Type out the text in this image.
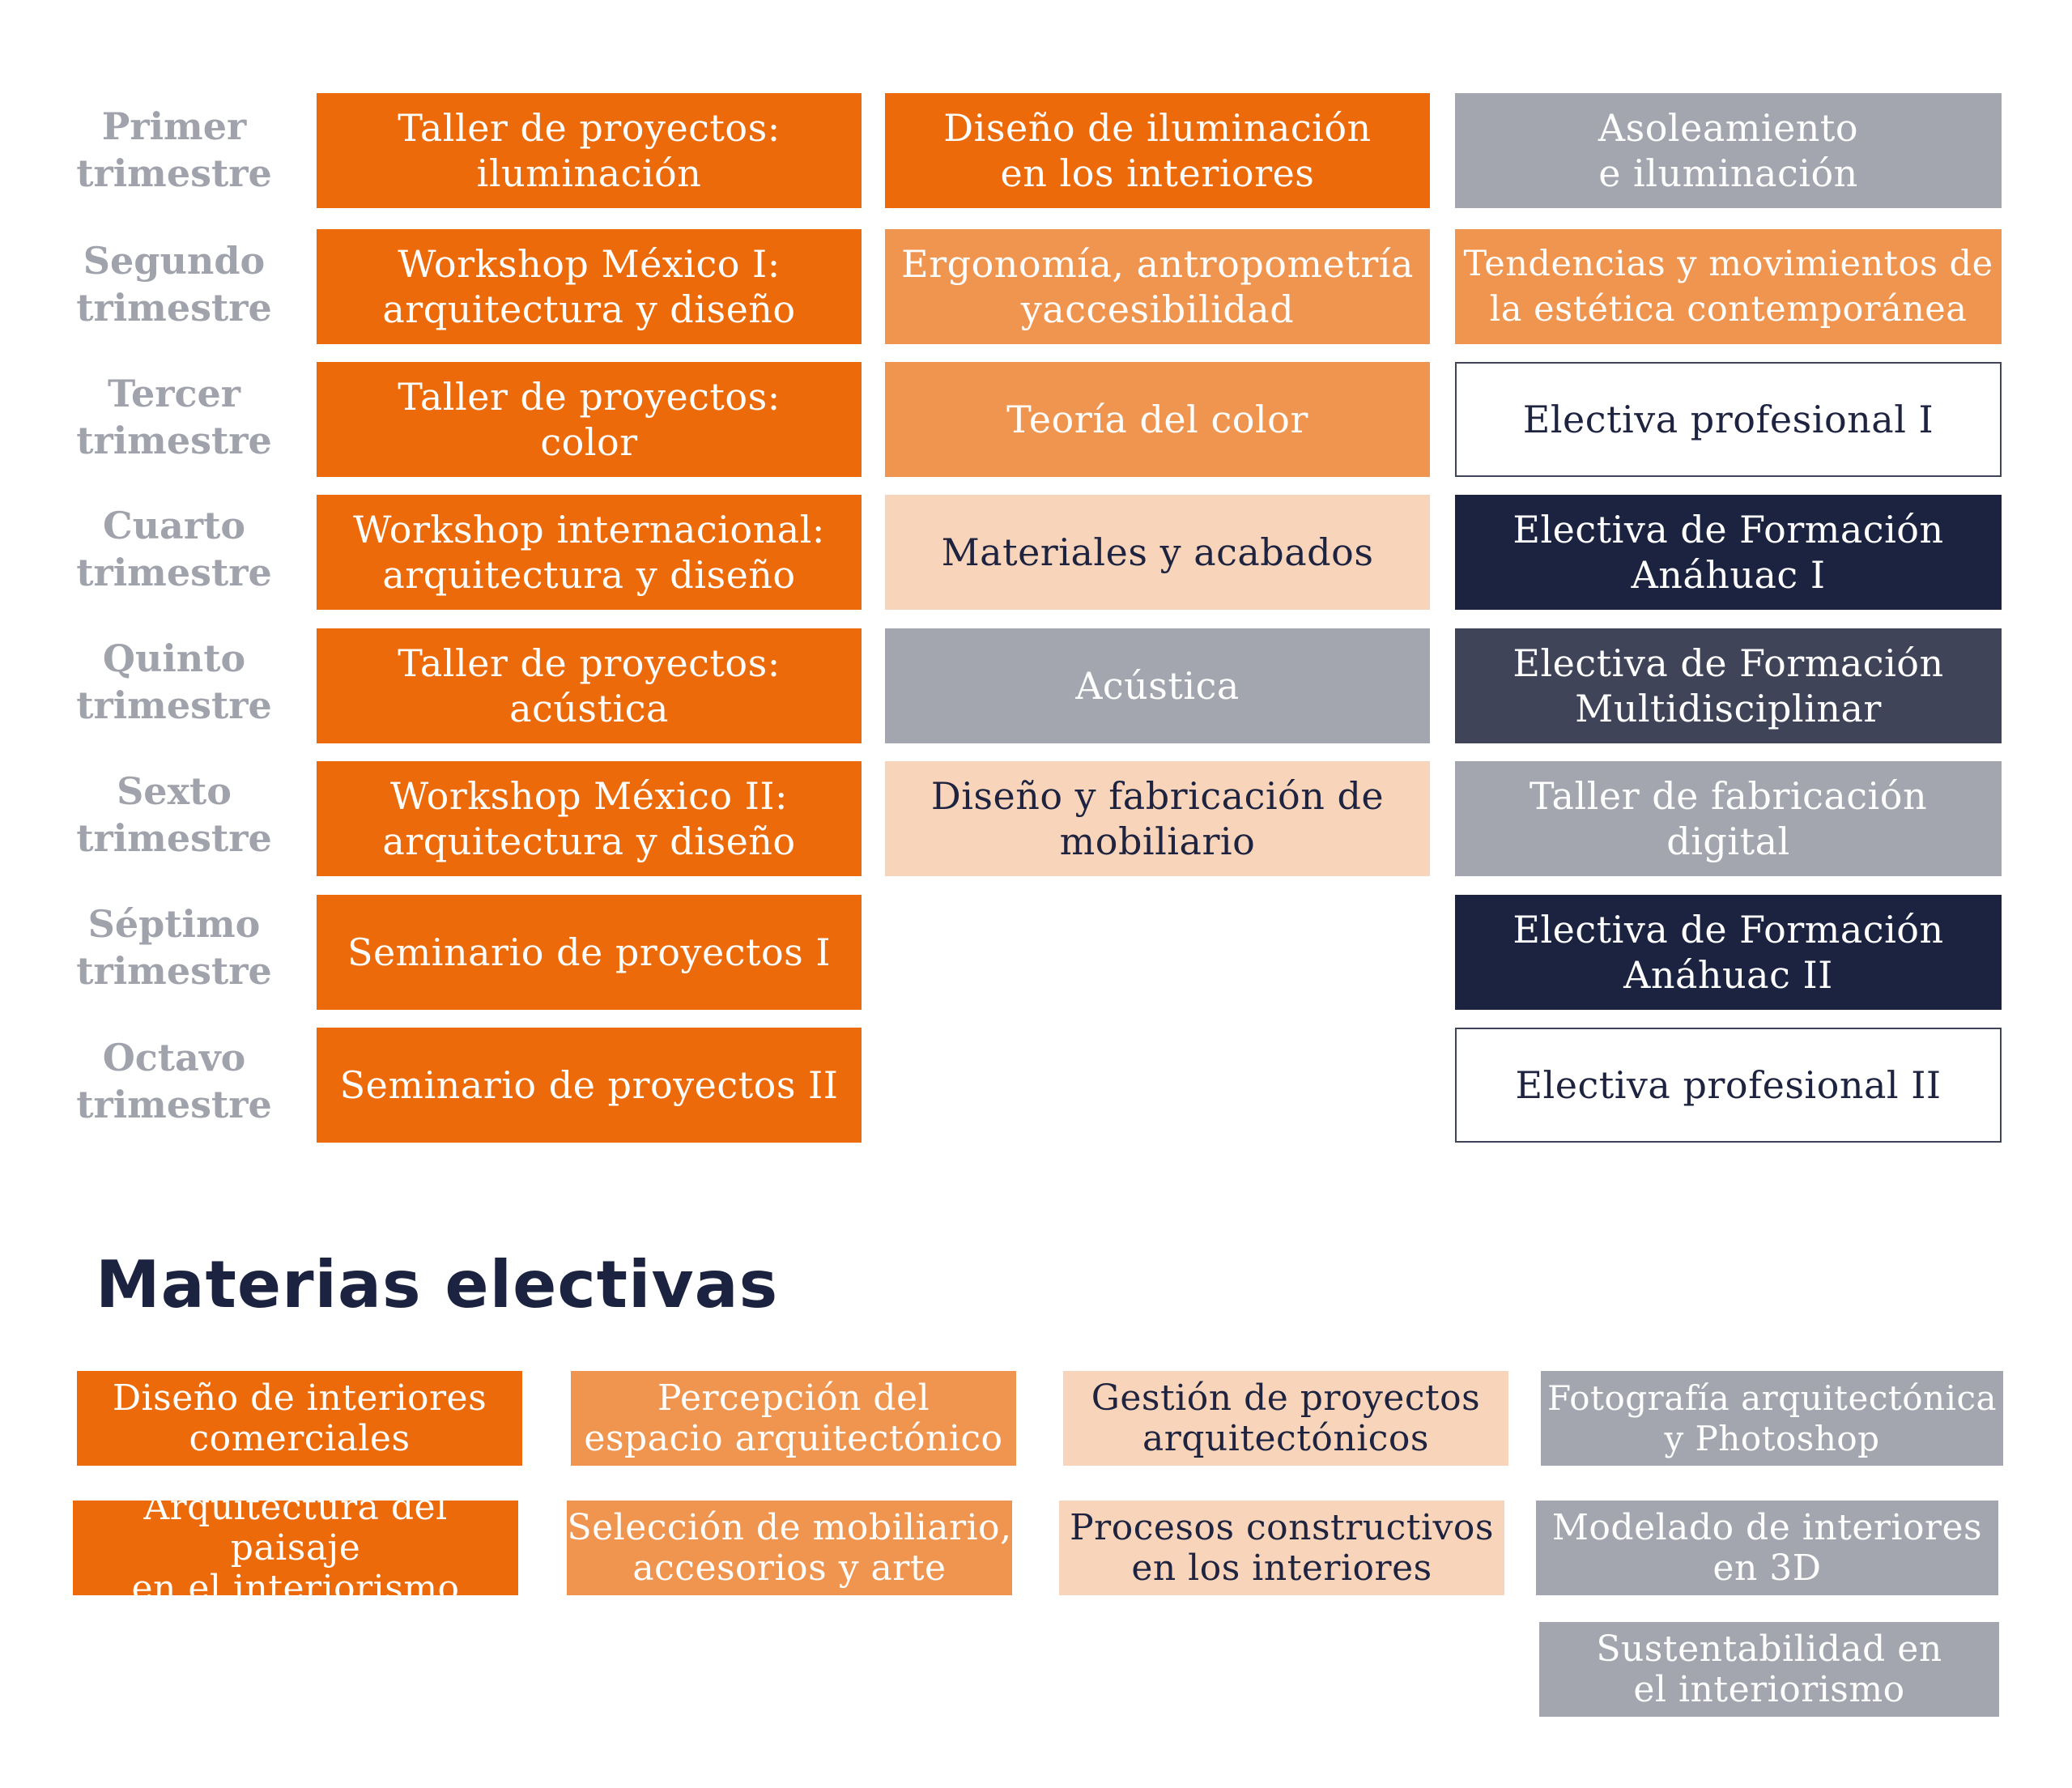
Primer
trimestre
Segundo
trimestre
Tercer
trimestre
Cuarto
trimestre
Quinto
trimestre
Sexto
trimestre
Séptimo
trimestre
Octavo
trimestre
Taller de proyectos:
iluminación
Workshop México I:
arquitectura y diseño
Taller de proyectos:
color
Workshop internacional:
arquitectura y diseño
Taller de proyectos:
acústica
Workshop México II:
arquitectura y diseño
Seminario de proyectos I
Seminario de proyectos II
Diseño de iluminación
en los interiores
Ergonomía, antropometría
yaccesibilidad
Teoría del color
Materiales y acabados
Acústica
Diseño y fabricación de
mobiliario
Asoleamiento
e iluminación
Tendencias y movimientos de
la estética contemporánea
Electiva profesional I
Electiva de Formación
Anáhuac I
Electiva de Formación
Multidisciplinar
Taller de fabricación
digital
Electiva de Formación
Anáhuac II
Electiva profesional II
Materias electivas
Diseño de interiores
comerciales
Percepción del
espacio arquitectónico
Gestión de proyectos
arquitectónicos
Fotografía arquitectónica
y Photoshop
Arquitectura del paisaje
en el interiorismo
Selección de mobiliario,
accesorios y arte
Procesos constructivos
en los interiores
Modelado de interiores
en 3D
Sustentabilidad en
el interiorismo
